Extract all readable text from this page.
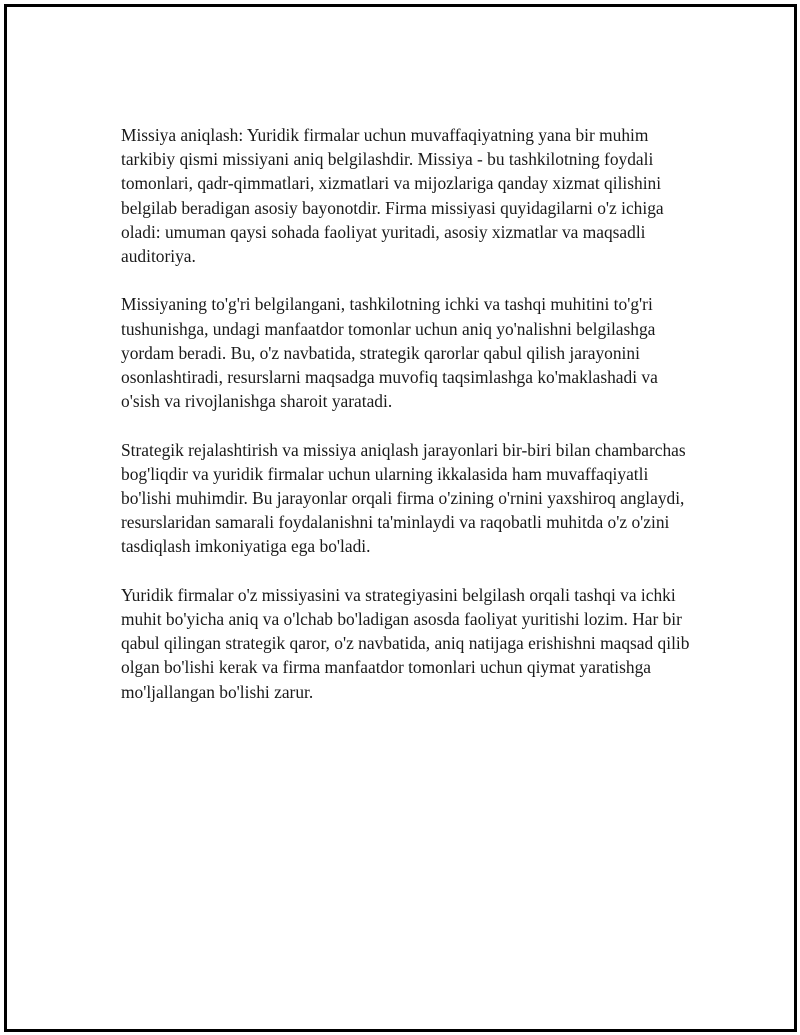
Missiya aniqlash: Yuridik firmalar uchun muvaffaqiyatning yana bir muhim tarkibiy qismi missiyani aniq belgilashdir. Missiya - bu tashkilotning foydali tomonlari, qadr-qimmatlari, xizmatlari va mijozlariga qanday xizmat qilishini belgilab beradigan asosiy bayonotdir. Firma missiyasi quyidagilarni o'z ichiga oladi: umuman qaysi sohada faoliyat yuritadi, asosiy xizmatlar va maqsadli auditoriya.

Missiyaning to'g'ri belgilangani, tashkilotning ichki va tashqi muhitini to'g'ri tushunishga, undagi manfaatdor tomonlar uchun aniq yo'nalishni belgilashga yordam beradi. Bu, o'z navbatida, strategik qarorlar qabul qilish jarayonini osonlashtiradi, resurslarni maqsadga muvofiq taqsimlashga ko'maklashadi va o'sish va rivojlanishga sharoit yaratadi.

Strategik rejalashtirish va missiya aniqlash jarayonlari bir-biri bilan chambarchas bog'liqdir va yuridik firmalar uchun ularning ikkalasida ham muvaffaqiyatli bo'lishi muhimdir. Bu jarayonlar orqali firma o'zining o'rnini yaxshiroq anglaydi, resurslaridan samarali foydalanishni ta'minlaydi va raqobatli muhitda o'z o'zini tasdiqlash imkoniyatiga ega bo'ladi.

Yuridik firmalar o'z missiyasini va strategiyasini belgilash orqali tashqi va ichki muhit bo'yicha aniq va o'lchab bo'ladigan asosda faoliyat yuritishi lozim. Har bir qabul qilingan strategik qaror, o'z navbatida, aniq natijaga erishishni maqsad qilib olgan bo'lishi kerak va firma manfaatdor tomonlari uchun qiymat yaratishga mo'ljallangan bo'lishi zarur.
